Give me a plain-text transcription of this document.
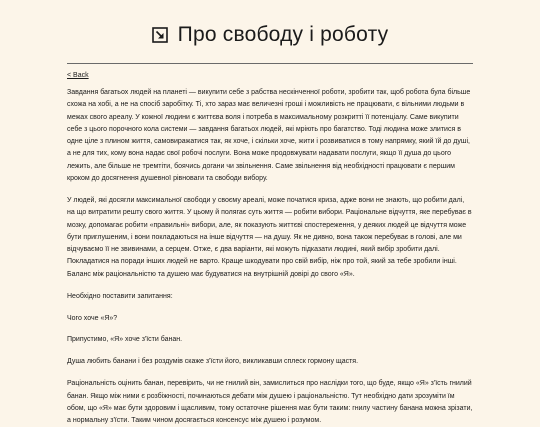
Про свободу і роботу
< Back

Завдання багатьох людей на планеті — викупити себе з рабства нескінченної роботи, зробити так, щоб робота була більше схожа на хобі, а не на спосіб заробітку. Ті, хто зараз має величезні гроші і можливість не працювати, є вільними людьми в межах свого ареалу. У кожної людини є життєва воля і потреба в максимальному розкритті її потенціалу. Саме викупити себе з цього порочного кола системи — завдання багатьох людей, які мріють про багатство. Тоді людина може злитися в одне ціле з плином життя, самовиражатися так, як хоче, і скільки хоче, жити і розвиватися в тому напрямку, який їй до душі, а не для тих, кому вона надає свої робочі послуги. Вона може продовжувати надавати послуги, якщо її душа до цього лежить, але більше не тремтіти, боячись догани чи звільнення. Саме звільнення від необхідності працювати є першим кроком до досягнення душевної рівноваги та свободи вибору.

У людей, які досягли максимальної свободи у своєму ареалі, може початися криза, адже вони не знають, що робити далі, на що витратити решту свого життя. У цьому й полягає суть життя — робити вибори. Раціональне відчуття, яке перебуває в мозку, допомагає робити «правильні» вибори, але, як показують життєві спостереження, у деяких людей це відчуття може бути приглушеним, і вони покладаються на інше відчуття — на душу. Як не дивно, вона також перебуває в голові, але ми відчуваємо її не звивинами, а серцем. Отже, є два варіанти, які можуть підказати людині, який вибір зробити далі. Покладатися на поради інших людей не варто. Краще шкодувати про свій вибір, ніж про той, який за тебе зробили інші. Баланс між раціональністю та душею має будуватися на внутрішній довірі до свого «Я».

Необхідно поставити запитання:

Чого хоче «Я»?

Припустимо, «Я» хоче з'їсти банан.

Душа любить банани і без роздумів скаже з'їсти його, викликавши сплеск гормону щастя.

Раціональність оцінить банан, перевірить, чи не гнилий він, замислиться про наслідки того, що буде, якщо «Я» з'їсть гнилий банан. Якщо між ними є розбіжності, починаються дебати між душею і раціональністю. Тут необхідно дати зрозуміти їм обом, що «Я» має бути здоровим і щасливим, тому остаточне рішення має бути таким: гнилу частину банана можна зрізати, а нормальну з'їсти. Таким чином досягається консенсус між душею і розумом.
